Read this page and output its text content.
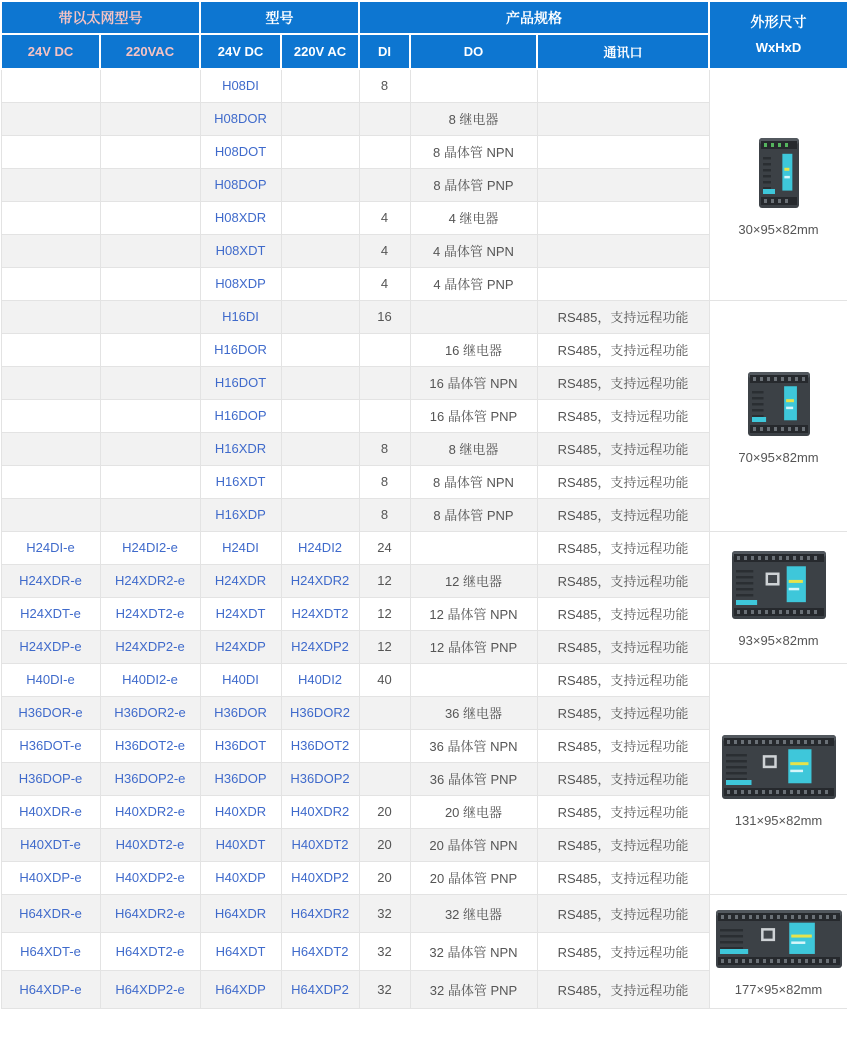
带以太网型号		型号		产品规格			外形尺寸
WxHxD

24V DC	220VAC	24V DC	220V AC	DI	DO	通讯口	
		H08DI		8			30×95×82mm

		H08DOR			8 继电器		
		H08DOT			8 晶体管 NPN		
		H08DOP			8 晶体管 PNP		
		H08XDR		4	4 继电器		
		H08XDT		4	4 晶体管 NPN		
		H08XDP		4	4 晶体管 PNP		
		H16DI		16		RS485，支持远程功能	70×95×82mm

		H16DOR			16 继电器	RS485，支持远程功能	
		H16DOT			16 晶体管 NPN	RS485，支持远程功能	
		H16DOP			16 晶体管 PNP	RS485，支持远程功能	
		H16XDR		8	8 继电器	RS485，支持远程功能	
		H16XDT		8	8 晶体管 NPN	RS485，支持远程功能	
		H16XDP		8	8 晶体管 PNP	RS485，支持远程功能	
H24DI-e	H24DI2-e	H24DI	H24DI2	24		RS485，支持远程功能	93×95×82mm

H24XDR-e	H24XDR2-e	H24XDR	H24XDR2	12	12 继电器	RS485，支持远程功能	
H24XDT-e	H24XDT2-e	H24XDT	H24XDT2	12	12 晶体管 NPN	RS485，支持远程功能	
H24XDP-e	H24XDP2-e	H24XDP	H24XDP2	12	12 晶体管 PNP	RS485，支持远程功能	
H40DI-e	H40DI2-e	H40DI	H40DI2	40		RS485，支持远程功能	131×95×82mm

H36DOR-e	H36DOR2-e	H36DOR	H36DOR2		36 继电器	RS485，支持远程功能	
H36DOT-e	H36DOT2-e	H36DOT	H36DOT2		36 晶体管 NPN	RS485，支持远程功能	
H36DOP-e	H36DOP2-e	H36DOP	H36DOP2		36 晶体管 PNP	RS485，支持远程功能	
H40XDR-e	H40XDR2-e	H40XDR	H40XDR2	20	20 继电器	RS485，支持远程功能	
H40XDT-e	H40XDT2-e	H40XDT	H40XDT2	20	20 晶体管 NPN	RS485，支持远程功能	
H40XDP-e	H40XDP2-e	H40XDP	H40XDP2	20	20 晶体管 PNP	RS485，支持远程功能	
H64XDR-e	H64XDR2-e	H64XDR	H64XDR2	32	32 继电器	RS485，支持远程功能	177×95×82mm

H64XDT-e	H64XDT2-e	H64XDT	H64XDT2	32	32 晶体管 NPN	RS485，支持远程功能	
H64XDP-e	H64XDP2-e	H64XDP	H64XDP2	32	32 晶体管 PNP	RS485，支持远程功能	
